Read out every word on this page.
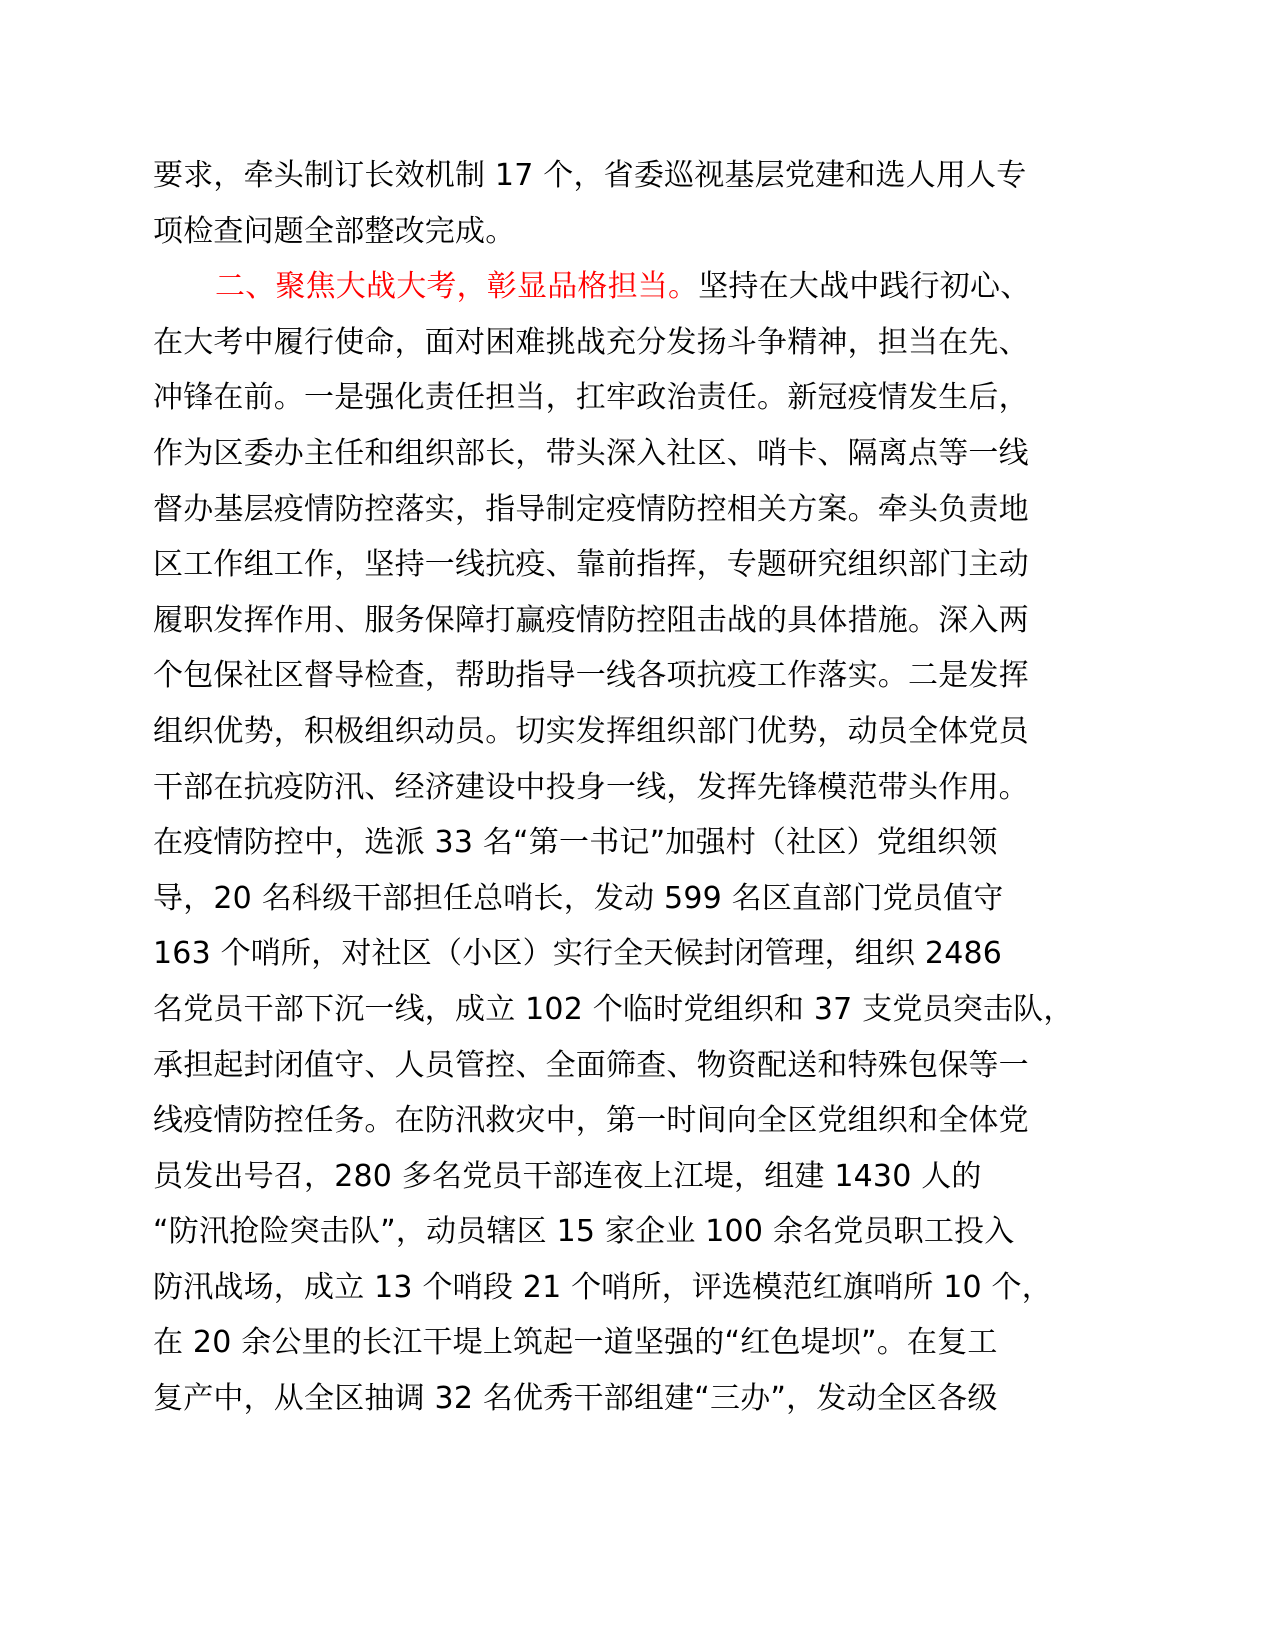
要求，牵头制订长效机制 17 个，省委巡视基层党建和选人用人专
项检查问题全部整改完成。
二、聚焦大战大考，彰显品格担当。坚持在大战中践行初心、
在大考中履行使命，面对困难挑战充分发扬斗争精神，担当在先、
冲锋在前。一是强化责任担当，扛牢政治责任。新冠疫情发生后，
作为区委办主任和组织部长，带头深入社区、哨卡、隔离点等一线
督办基层疫情防控落实，指导制定疫情防控相关方案。牵头负责地
区工作组工作，坚持一线抗疫、靠前指挥，专题研究组织部门主动
履职发挥作用、服务保障打赢疫情防控阻击战的具体措施。深入两
个包保社区督导检查，帮助指导一线各项抗疫工作落实。二是发挥
组织优势，积极组织动员。切实发挥组织部门优势，动员全体党员
干部在抗疫防汛、经济建设中投身一线，发挥先锋模范带头作用。
在疫情防控中，选派 33 名“第一书记”加强村（社区）党组织领
导，20 名科级干部担任总哨长，发动 599 名区直部门党员值守
163 个哨所，对社区（小区）实行全天候封闭管理，组织 2486
名党员干部下沉一线，成立 102 个临时党组织和 37 支党员突击队，
承担起封闭值守、人员管控、全面筛查、物资配送和特殊包保等一
线疫情防控任务。在防汛救灾中，第一时间向全区党组织和全体党
员发出号召，280 多名党员干部连夜上江堤，组建 1430 人的
“防汛抢险突击队”，动员辖区 15 家企业 100 余名党员职工投入
防汛战场，成立 13 个哨段 21 个哨所，评选模范红旗哨所 10 个，
在 20 余公里的长江干堤上筑起一道坚强的“红色堤坝”。在复工
复产中，从全区抽调 32 名优秀干部组建“三办”，发动全区各级
